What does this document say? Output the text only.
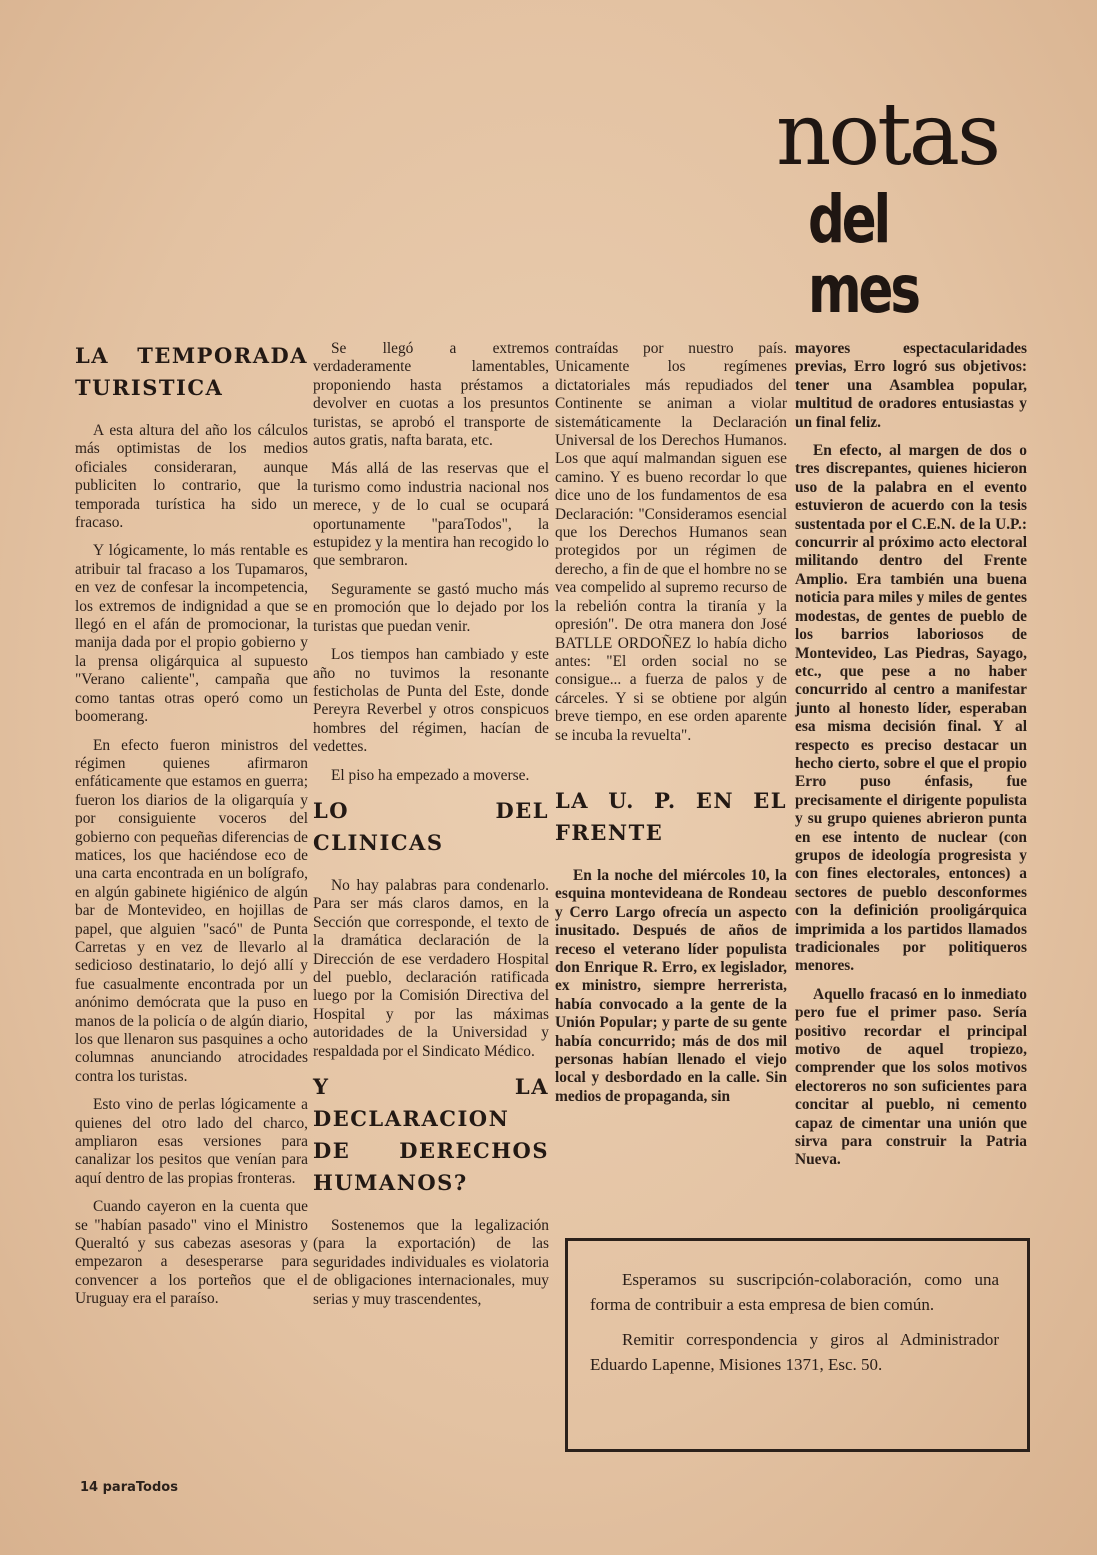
notas
del mes
LA TEMPORADA TURISTICA

A esta altura del año los cálculos más optimistas de los medios oficiales consideraran, aunque publiciten lo contrario, que la temporada turística ha sido un fracaso.

Y lógicamente, lo más rentable es atribuir tal fracaso a los Tupamaros, en vez de confesar la incompetencia, los extremos de indignidad a que se llegó en el afán de promocionar, la manija dada por el propio gobierno y la prensa oligárquica al supuesto "Verano caliente", campaña que como tantas otras operó como un boomerang.

En efecto fueron ministros del régimen quienes afirmaron enfáticamente que estamos en guerra; fueron los diarios de la oligarquía y por consiguiente voceros del gobierno con pequeñas diferencias de matices, los que haciéndose eco de una carta encontrada en un bolígrafo, en algún gabinete higiénico de algún bar de Montevideo, en hojillas de papel, que alguien "sacó" de Punta Carretas y en vez de llevarlo al sedicioso destinatario, lo dejó allí y fue casualmente encontrada por un anónimo demócrata que la puso en manos de la policía o de algún diario, los que llenaron sus pasquines a ocho columnas anunciando atrocidades contra los turistas.

Esto vino de perlas lógicamente a quienes del otro lado del charco, ampliaron esas versiones para canalizar los pesitos que venían para aquí dentro de las propias fronteras.

Cuando cayeron en la cuenta que se "habían pasado" vino el Ministro Queraltó y sus cabezas asesoras y empezaron a desesperarse para convencer a los porteños que el Uruguay era el paraíso.

Se llegó a extremos verdaderamente lamentables, proponiendo hasta préstamos a devolver en cuotas a los presuntos turistas, se aprobó el transporte de autos gratis, nafta barata, etc.

Más allá de las reservas que el turismo como industria nacional nos merece, y de lo cual se ocupará oportunamente "paraTodos", la estupidez y la mentira han recogido lo que sembraron.

Seguramente se gastó mucho más en promoción que lo dejado por los turistas que puedan venir.

Los tiempos han cambiado y este año no tuvimos la resonante festicholas de Punta del Este, donde Pereyra Reverbel y otros conspicuos hombres del régimen, hacían de vedettes.

El piso ha empezado a moverse.

LO DEL CLINICAS

No hay palabras para condenarlo. Para ser más claros damos, en la Sección que corresponde, el texto de la dramática declaración de la Dirección de ese verdadero Hospital del pueblo, declaración ratificada luego por la Comisión Directiva del Hospital y por las máximas autoridades de la Universidad y respaldada por el Sindicato Médico.

Y LA DECLARACION DE DERECHOS HUMANOS?

Sostenemos que la legalización (para la exportación) de las seguridades individuales es violatoria de obligaciones internacionales, muy serias y muy trascendentes,

contraídas por nuestro país. Unicamente los regímenes dictatoriales más repudiados del Continente se animan a violar sistemáticamente la Declaración Universal de los Derechos Humanos. Los que aquí malmandan siguen ese camino. Y es bueno recordar lo que dice uno de los fundamentos de esa Declaración: "Consideramos esencial que los Derechos Humanos sean protegidos por un régimen de derecho, a fin de que el hombre no se vea compelido al supremo recurso de la rebelión contra la tiranía y la opresión". De otra manera don José BATLLE ORDOÑEZ lo había dicho antes: "El orden social no se consigue... a fuerza de palos y de cárceles. Y si se obtiene por algún breve tiempo, en ese orden aparente se incuba la revuelta".

LA U. P. EN EL FRENTE

En la noche del miércoles 10, la esquina montevideana de Rondeau y Cerro Largo ofrecía un aspecto inusitado. Después de años de receso el veterano líder populista don Enrique R. Erro, ex legislador, ex ministro, siempre herrerista, había convocado a la gente de la Unión Popular; y parte de su gente había concurrido; más de dos mil personas habían llenado el viejo local y desbordado en la calle. Sin medios de propaganda, sin

mayores espectacularidades previas, Erro logró sus objetivos: tener una Asamblea popular, multitud de oradores entusiastas y un final feliz.

En efecto, al margen de dos o tres discrepantes, quienes hicieron uso de la palabra en el evento estuvieron de acuerdo con la tesis sustentada por el C.E.N. de la U.P.: concurrir al próximo acto electoral militando dentro del Frente Amplio. Era también una buena noticia para miles y miles de gentes modestas, de gentes de pueblo de los barrios laboriosos de Montevideo, Las Piedras, Sayago, etc., que pese a no haber concurrido al centro a manifestar junto al honesto líder, esperaban esa misma decisión final. Y al respecto es preciso destacar un hecho cierto, sobre el que el propio Erro puso énfasis, fue precisamente el dirigente populista y su grupo quienes abrieron punta en ese intento de nuclear (con grupos de ideología progresista y con fines electorales, entonces) a sectores de pueblo desconformes con la definición prooligárquica imprimida a los partidos llamados tradicionales por politiqueros menores.

Aquello fracasó en lo inmediato pero fue el primer paso. Sería positivo recordar el principal motivo de aquel tropiezo, comprender que los solos motivos electoreros no son suficientes para concitar al pueblo, ni cemento capaz de cimentar una unión que sirva para construir la Patria Nueva.

Esperamos su suscripción-colaboración, como una forma de contribuir a esta empresa de bien común.

Remitir correspondencia y giros al Administrador Eduardo Lapenne, Misiones 1371, Esc. 50.

14 paraTodos
